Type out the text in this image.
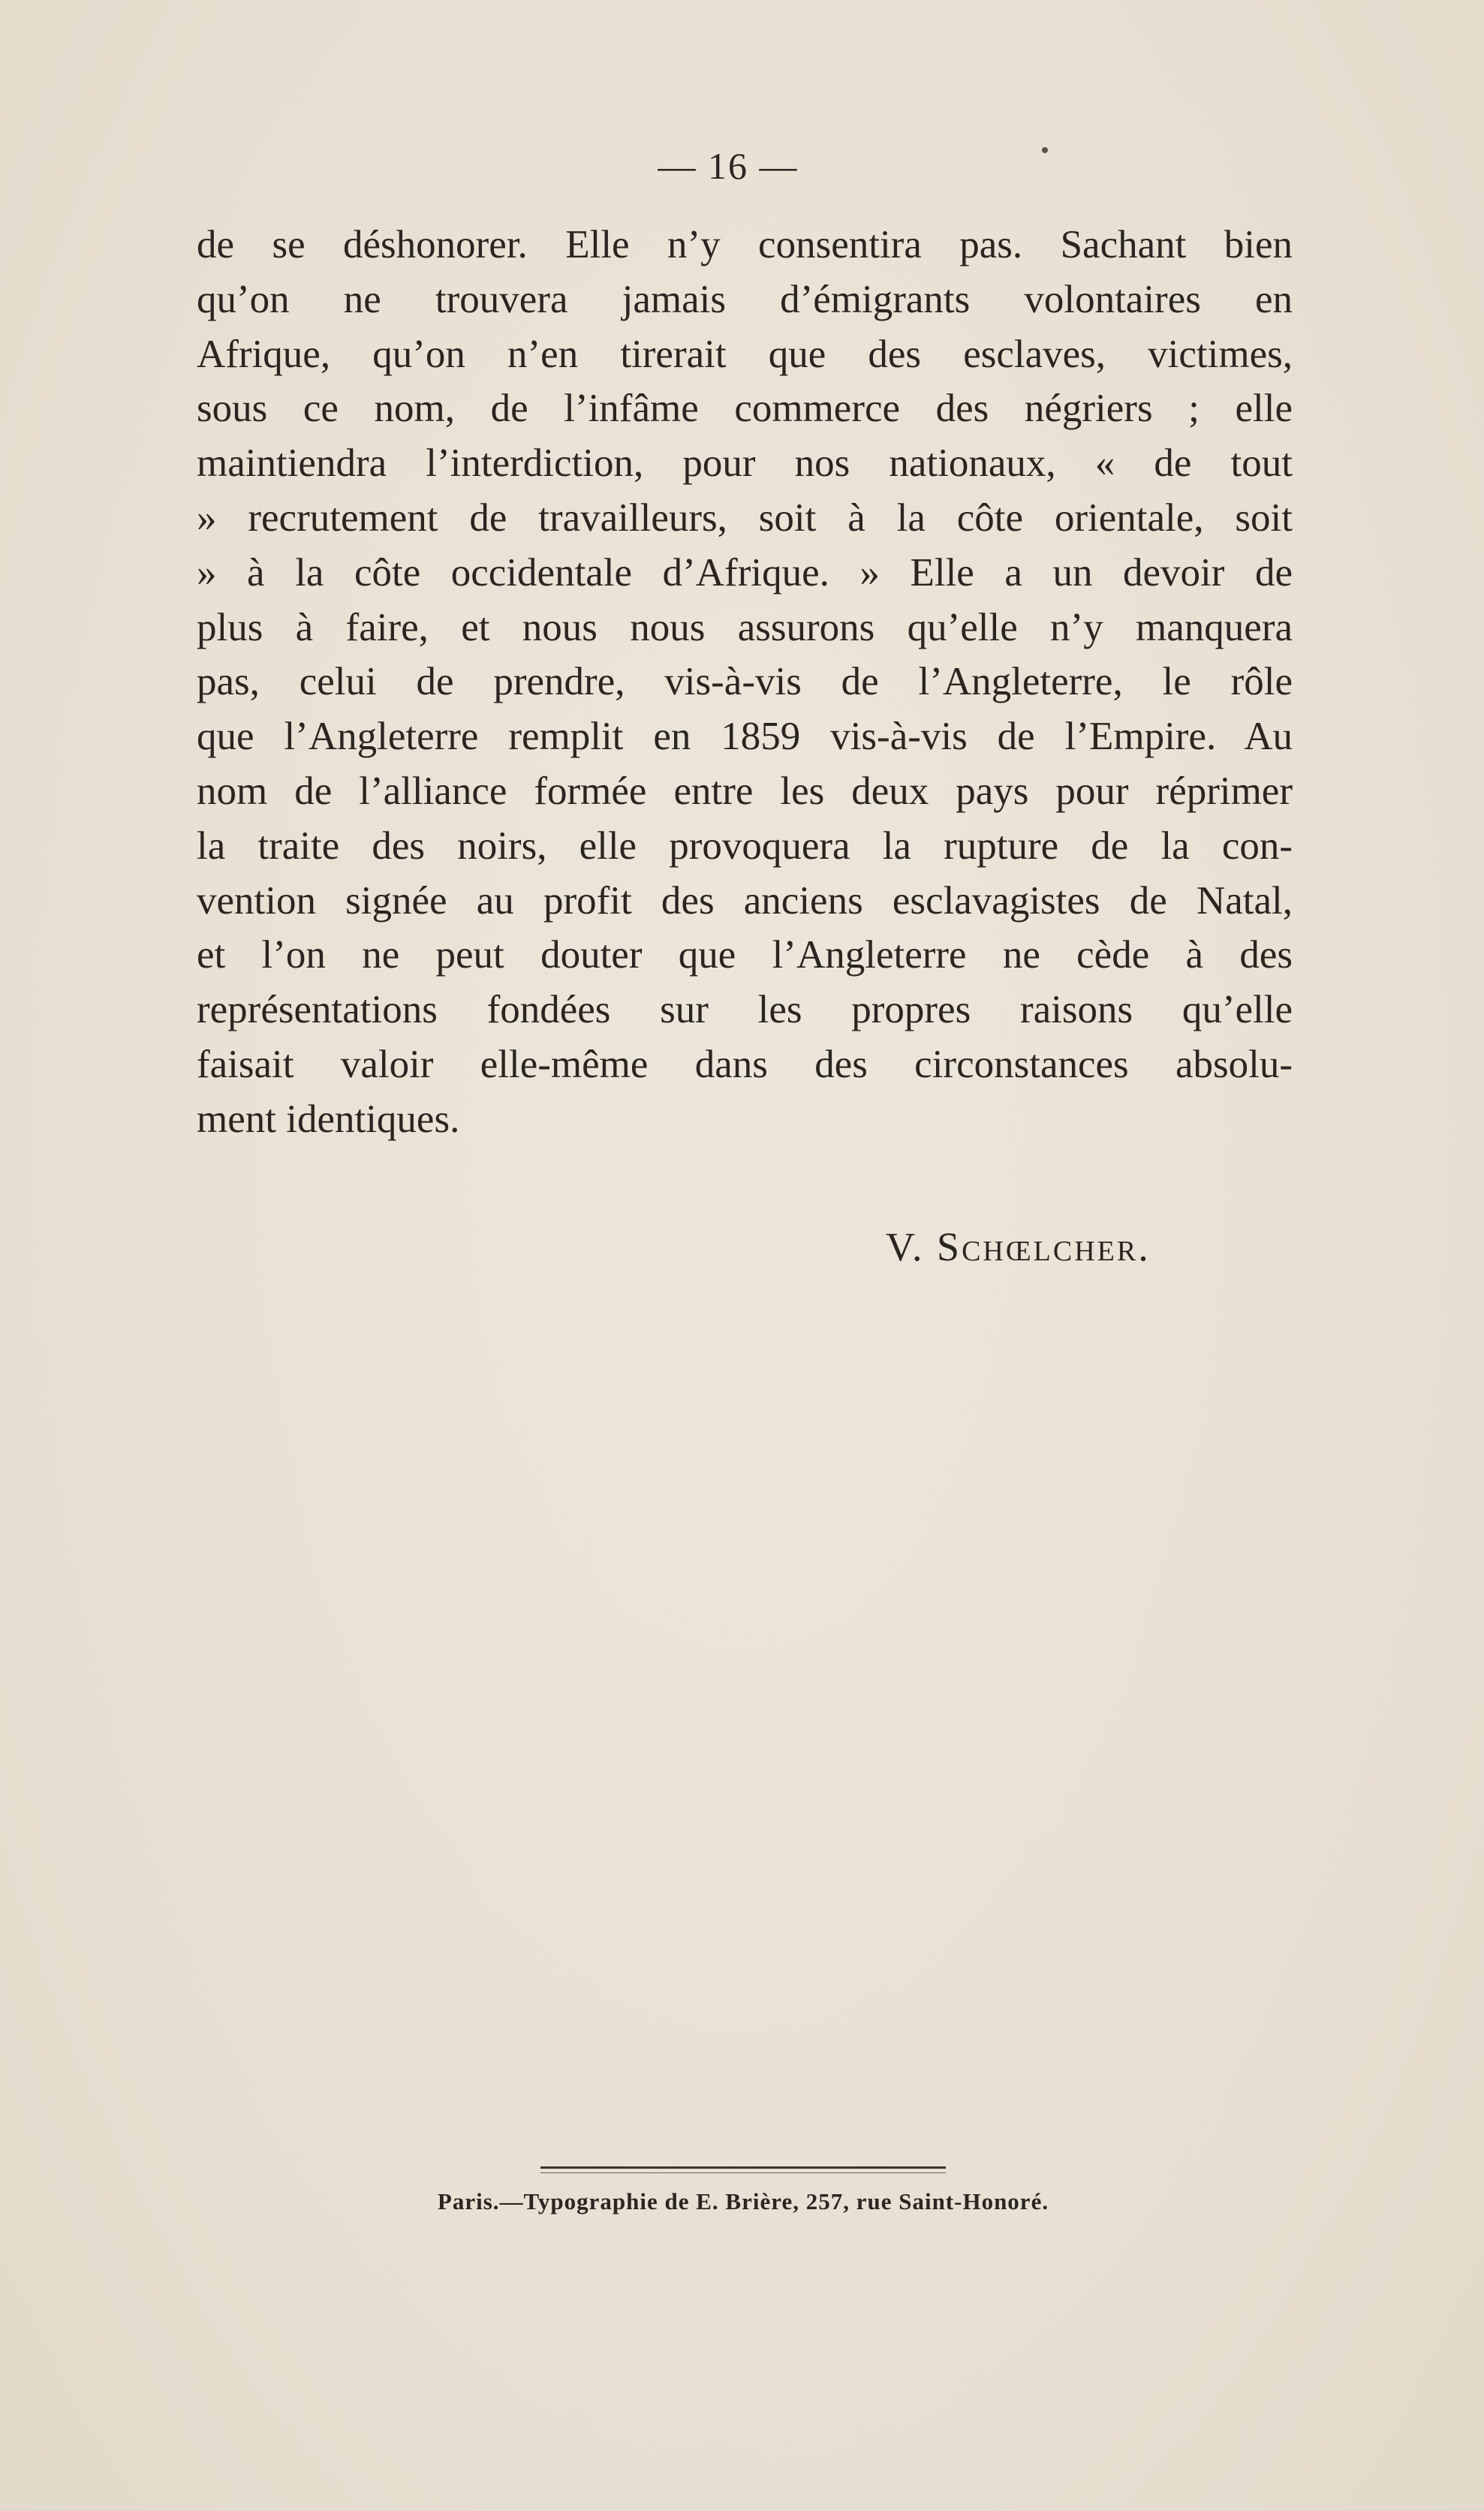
— 16 —
de se déshonorer. Elle n’y consentira pas. Sachant bien
qu’on ne trouvera jamais d’émigrants volontaires en
Afrique, qu’on n’en tirerait que des esclaves, victimes,
sous ce nom, de l’infâme commerce des négriers ; elle
maintiendra l’interdiction, pour nos nationaux, « de tout
» recrutement de travailleurs, soit à la côte orientale, soit
» à la côte occidentale d’Afrique. » Elle a un devoir de
plus à faire, et nous nous assurons qu’elle n’y manquera
pas, celui de prendre, vis-à-vis de l’Angleterre, le rôle
que l’Angleterre remplit en 1859 vis-à-vis de l’Empire. Au
nom de l’alliance formée entre les deux pays pour réprimer
la traite des noirs, elle provoquera la rupture de la con-
vention signée au profit des anciens esclavagistes de Natal,
et l’on ne peut douter que l’Angleterre ne cède à des
représentations fondées sur les propres raisons qu’elle
faisait valoir elle-même dans des circonstances absolu-
ment identiques.
V. Schœlcher.
Paris.—Typographie de E. Brière, 257, rue Saint-Honoré.
